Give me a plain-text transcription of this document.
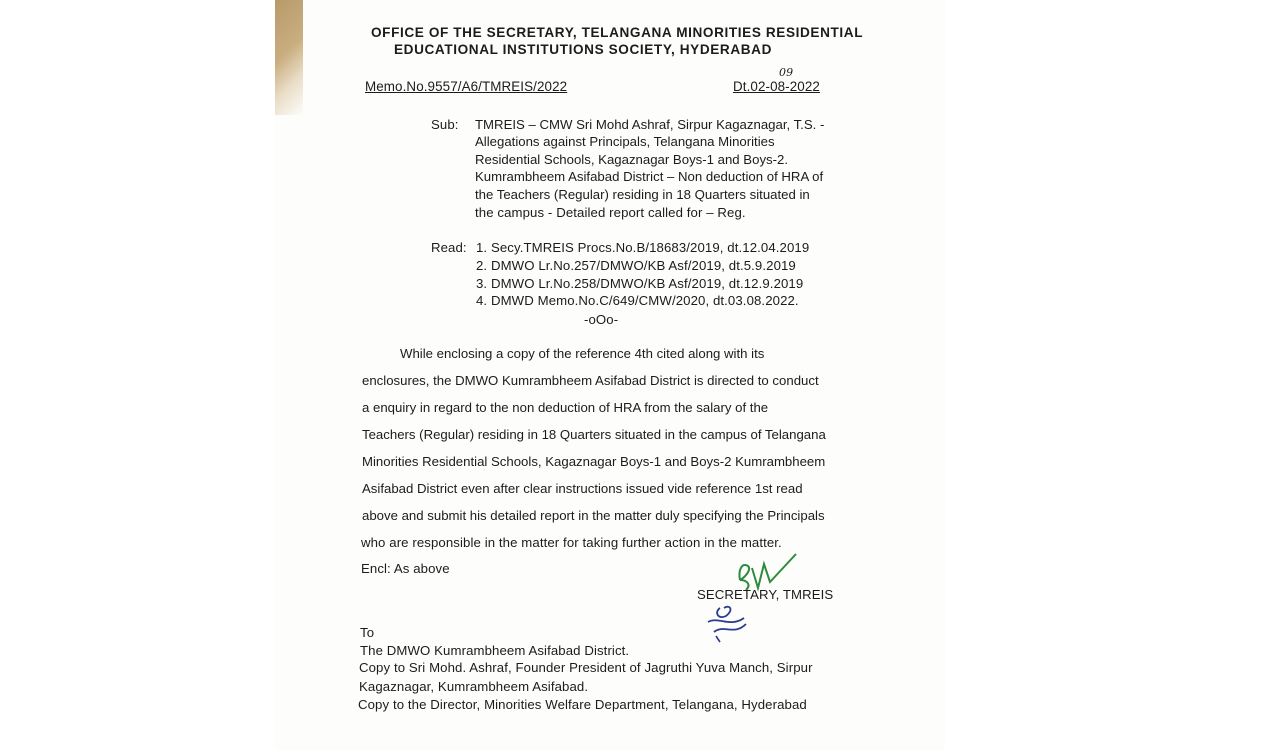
OFFICE OF THE SECRETARY, TELANGANA MINORITIES RESIDENTIAL
EDUCATIONAL INSTITUTIONS SOCIETY, HYDERABAD
Memo.No.9557/A6/TMREIS/2022
09
Dt.02-08-2022
Sub: TMREIS – CMW Sri Mohd Ashraf, Sirpur Kagaznagar, T.S. -
Allegations against Principals, Telangana Minorities
Residential Schools, Kagaznagar Boys-1 and Boys-2.
Kumrambheem Asifabad District – Non deduction of HRA of
the Teachers (Regular) residing in 18 Quarters situated in
the campus - Detailed report called for – Reg.
Read: 1. Secy.TMREIS Procs.No.B/18683/2019, dt.12.04.2019
2. DMWO Lr.No.257/DMWO/KB Asf/2019, dt.5.9.2019
3. DMWO Lr.No.258/DMWO/KB Asf/2019, dt.12.9.2019
4. DMWD Memo.No.C/649/CMW/2020, dt.03.08.2022.
-oOo-
While enclosing a copy of the reference 4th cited along with its
enclosures, the DMWO Kumrambheem Asifabad District is directed to conduct
a enquiry in regard to the non deduction of HRA from the salary of the
Teachers (Regular) residing in 18 Quarters situated in the campus of Telangana
Minorities Residential Schools, Kagaznagar Boys-1 and Boys-2 Kumrambheem
Asifabad District even after clear instructions issued vide reference 1st read
above and submit his detailed report in the matter duly specifying the Principals
who are responsible in the matter for taking further action in the matter.
Encl: As above
SECRETARY, TMREIS
To
The DMWO Kumrambheem Asifabad District.
Copy to Sri Mohd. Ashraf, Founder President of Jagruthi Yuva Manch, Sirpur
Kagaznagar, Kumrambheem Asifabad.
Copy to the Director, Minorities Welfare Department, Telangana, Hyderabad
